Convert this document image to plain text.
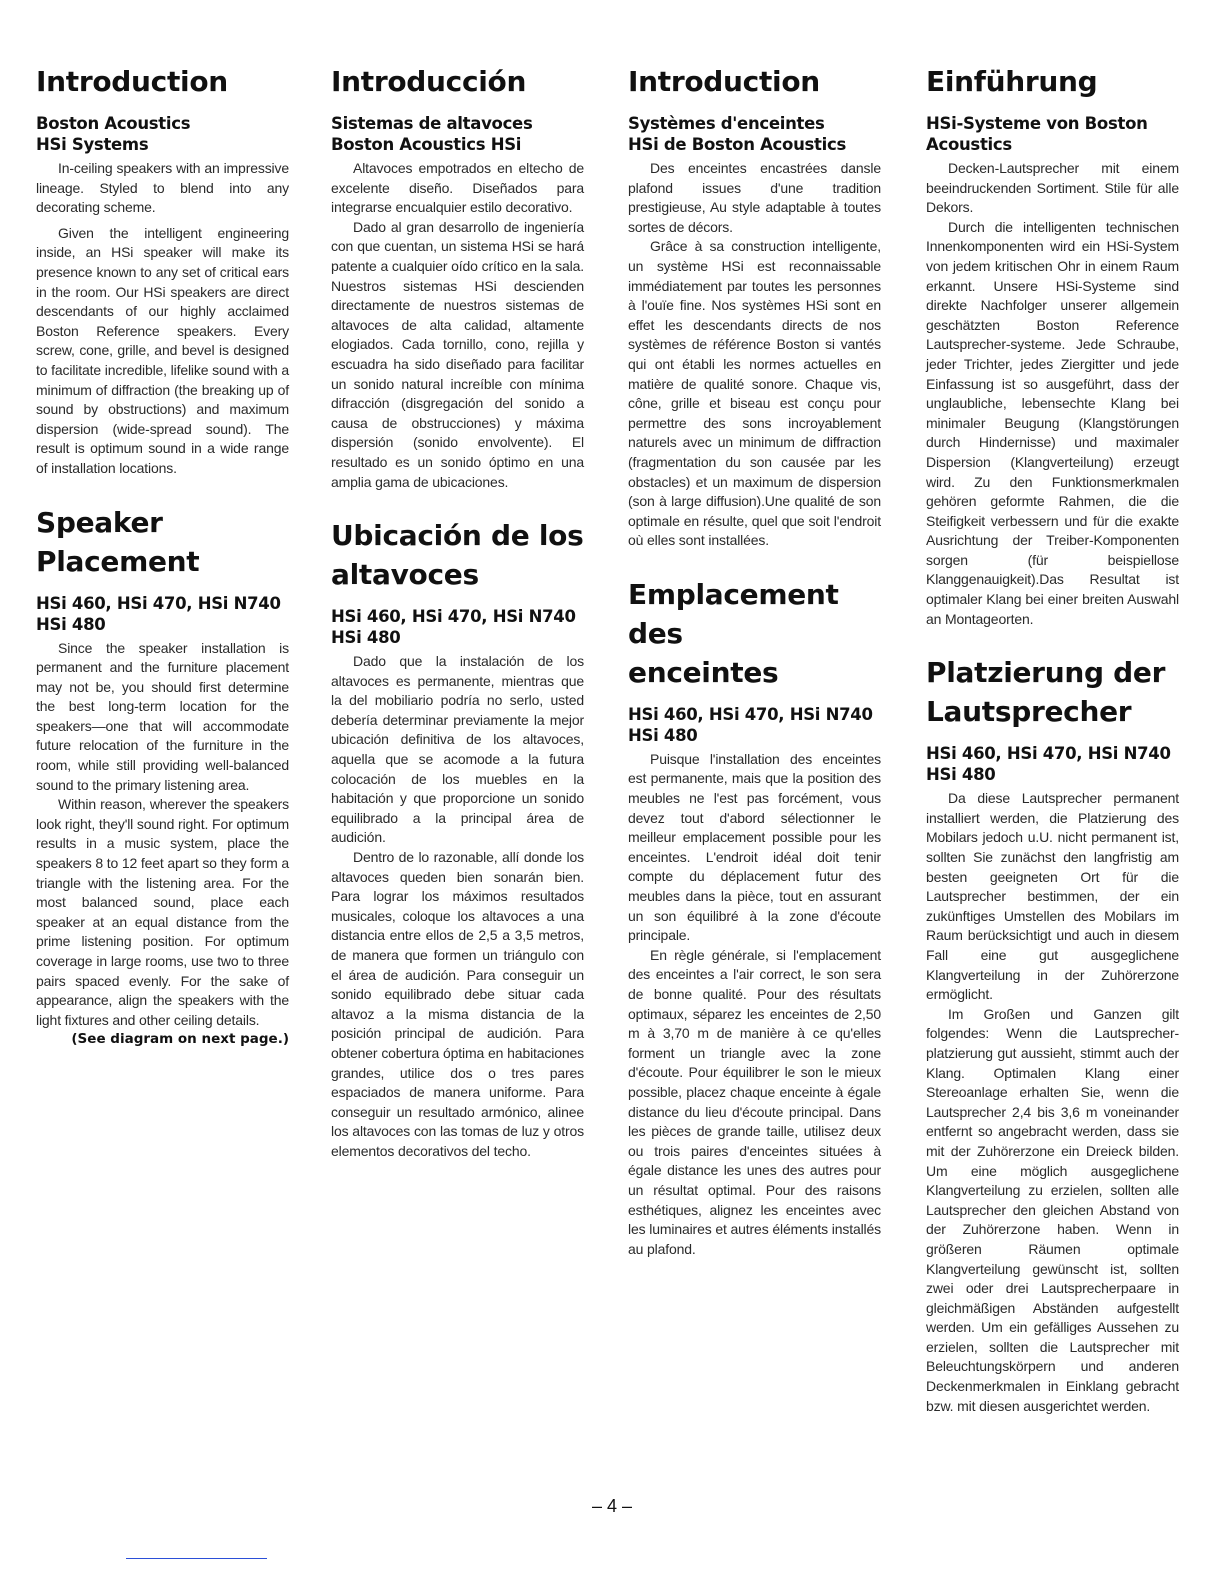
Introduction
Boston Acoustics
HSi Systems

In-ceiling speakers with an impressive lineage. Styled to blend into any decorating scheme.

Given the intelligent engineering inside, an HSi speaker will make its presence known to any set of critical ears in the room. Our HSi speakers are direct descendants of our highly acclaimed Boston Reference speakers. Every screw, cone, grille, and bevel is designed to facilitate incredible, lifelike sound with a minimum of diffraction (the breaking up of sound by obstructions) and maximum dispersion (wide-spread sound). The result is optimum sound in a wide range of installation locations.

Speaker
Placement
HSi 460, HSi 470, HSi N740
HSi 480

Since the speaker installation is permanent and the furniture placement may not be, you should first determine the best long-term location for the speakers—one that will accommodate future relocation of the furniture in the room, while still providing well-balanced sound to the primary listening area.

Within reason, wherever the speakers look right, they'll sound right. For optimum results in a music system, place the speakers 8 to 12 feet apart so they form a triangle with the listening area. For the most balanced sound, place each speaker at an equal distance from the prime listening position. For optimum coverage in large rooms, use two to three pairs spaced evenly. For the sake of appearance, align the speakers with the light fixtures and other ceiling details.

(See diagram on next page.)
Introducción
Sistemas de altavoces
Boston Acoustics HSi

Altavoces empotrados en eltecho de excelente diseño. Diseñados para integrarse encualquier estilo decorativo.

Dado al gran desarrollo de ingeniería con que cuentan, un sistema HSi se hará patente a cualquier oído crítico en la sala. Nuestros sistemas HSi descienden directamente de nuestros sistemas de altavoces de alta calidad, altamente elogiados. Cada tornillo, cono, rejilla y escuadra ha sido diseñado para facilitar un sonido natural increíble con mínima difracción (disgregación del sonido a causa de obstrucciones) y máxima dispersión (sonido envolvente). El resultado es un sonido óptimo en una amplia gama de ubicaciones.

Ubicación de los
altavoces
HSi 460, HSi 470, HSi N740
HSi 480

Dado que la instalación de los altavoces es permanente, mientras que la del mobiliario podría no serlo, usted debería determinar previamente la mejor ubicación definitiva de los altavoces, aquella que se acomode a la futura colocación de los muebles en la habitación y que proporcione un sonido equilibrado a la principal área de audición.

Dentro de lo razonable, allí donde los altavoces queden bien sonarán bien. Para lograr los máximos resultados musicales, coloque los altavoces a una distancia entre ellos de 2,5 a 3,5 metros, de manera que formen un triángulo con el área de audición. Para conseguir un sonido equilibrado debe situar cada altavoz a la misma distancia de la posición principal de audición. Para obtener cobertura óptima en habitaciones grandes, utilice dos o tres pares espaciados de manera uniforme. Para conseguir un resultado armónico, alinee los altavoces con las tomas de luz y otros elementos decorativos del techo.

Introduction
Systèmes d'enceintes
HSi de Boston Acoustics

Des enceintes encastrées dansle plafond issues d'une tradition prestigieuse, Au style adaptable à toutes sortes de décors.

Grâce à sa construction intelligente, un système HSi est reconnaissable immédiatement par toutes les personnes à l'ouïe fine. Nos systèmes HSi sont en effet les descendants directs de nos systèmes de référence Boston si vantés qui ont établi les normes actuelles en matière de qualité sonore. Chaque vis, cône, grille et biseau est conçu pour permettre des sons incroyablement naturels avec un minimum de diffraction (fragmentation du son causée par les obstacles) et un maximum de dispersion (son à large diffusion).Une qualité de son optimale en résulte, quel que soit l'endroit où elles sont installées.

Emplacement des
enceintes
HSi 460, HSi 470, HSi N740
HSi 480

Puisque l'installation des enceintes est permanente, mais que la position des meubles ne l'est pas forcément, vous devez tout d'abord sélectionner le meilleur emplacement possible pour les enceintes. L'endroit idéal doit tenir compte du déplacement futur des meubles dans la pièce, tout en assurant un son équilibré à la zone d'écoute principale.

En règle générale, si l'emplacement des enceintes a l'air correct, le son sera de bonne qualité. Pour des résultats optimaux, séparez les enceintes de 2,50 m à 3,70 m de manière à ce qu'elles forment un triangle avec la zone d'écoute. Pour équilibrer le son le mieux possible, placez chaque enceinte à égale distance du lieu d'écoute principal. Dans les pièces de grande taille, utilisez deux ou trois paires d'enceintes situées à égale distance les unes des autres pour un résultat optimal. Pour des raisons esthétiques, alignez les enceintes avec les luminaires et autres éléments installés au plafond.

Einführung
HSi-Systeme von Boston
Acoustics

Decken-Lautsprecher mit einem beeindruckenden Sortiment. Stile für alle Dekors.

Durch die intelligenten technischen Innenkomponenten wird ein HSi-System von jedem kritischen Ohr in einem Raum erkannt. Unsere HSi-Systeme sind direkte Nachfolger unserer allgemein geschätzten Boston Reference Lautsprecher-systeme. Jede Schraube, jeder Trichter, jedes Ziergitter und jede Einfassung ist so ausgeführt, dass der unglaubliche, lebensechte Klang bei minimaler Beugung (Klangstörungen durch Hindernisse) und maximaler Dispersion (Klangverteilung) erzeugt wird. Zu den Funktionsmerkmalen gehören geformte Rahmen, die die Steifigkeit verbessern und für die exakte Ausrichtung der Treiber-Komponenten sorgen (für beispiellose Klanggenauigkeit).Das Resultat ist optimaler Klang bei einer breiten Auswahl an Montageorten.

Platzierung der
Lautsprecher
HSi 460, HSi 470, HSi N740
HSi 480

Da diese Lautsprecher permanent installiert werden, die Platzierung des Mobilars jedoch u.U. nicht permanent ist, sollten Sie zunächst den langfristig am besten geeigneten Ort für die Lautsprecher bestimmen, der ein zukünftiges Umstellen des Mobilars im Raum berücksichtigt und auch in diesem Fall eine gut ausgeglichene Klangverteilung in der Zuhörerzone ermöglicht.

Im Großen und Ganzen gilt folgendes: Wenn die Lautsprecher-platzierung gut aussieht, stimmt auch der Klang. Optimalen Klang einer Stereoanlage erhalten Sie, wenn die Lautsprecher 2,4 bis 3,6 m voneinander entfernt so angebracht werden, dass sie mit der Zuhörerzone ein Dreieck bilden. Um eine möglich ausgeglichene Klangverteilung zu erzielen, sollten alle Lautsprecher den gleichen Abstand von der Zuhörerzone haben. Wenn in größeren Räumen optimale Klangverteilung gewünscht ist, sollten zwei oder drei Lautsprecherpaare in gleichmäßigen Abständen aufgestellt werden. Um ein gefälliges Aussehen zu erzielen, sollten die Lautsprecher mit Beleuchtungskörpern und anderen Deckenmerkmalen in Einklang gebracht bzw. mit diesen ausgerichtet werden.

– 4 –
